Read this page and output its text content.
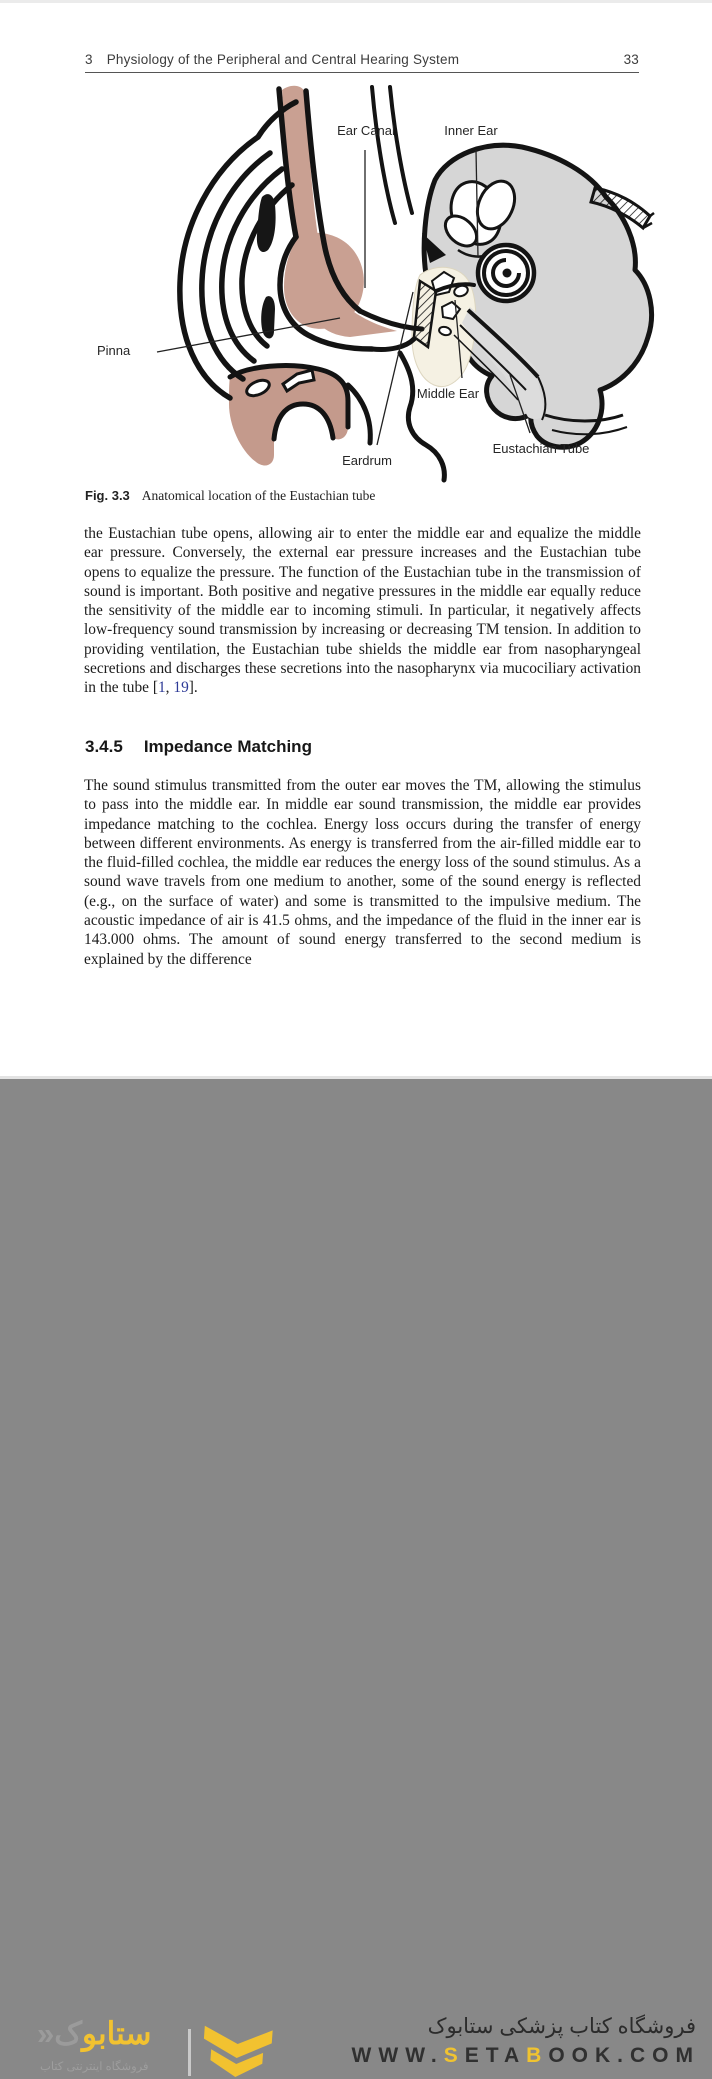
3 Physiology of the Peripheral and Central Hearing System	33
Ear Canal	Inner Ear
Pinna
Middle Ear
Eardrum
Eustachian Tube
Fig. 3.3 Anatomical location of the Eustachian tube

the Eustachian tube opens, allowing air to enter the middle ear and equalize the middle ear pressure. Conversely, the external ear pressure increases and the Eustachian tube opens to equalize the pressure. The function of the Eustachian tube in the transmission of sound is important. Both positive and negative pressures in the middle ear equally reduce the sensitivity of the middle ear to incoming stimuli. In particular, it negatively affects low-frequency sound transmission by increasing or decreasing TM tension. In addition to providing ventilation, the Eustachian tube shields the middle ear from nasopharyngeal secretions and discharges these secretions into the nasopharynx via mucociliary activation in the tube [1, 19].

3.4.5 Impedance Matching

The sound stimulus transmitted from the outer ear moves the TM, allowing the stimulus to pass into the middle ear. In middle ear sound transmission, the middle ear provides impedance matching to the cochlea. Energy loss occurs during the transfer of energy between different environments. As energy is transferred from the air-filled middle ear to the fluid-filled cochlea, the middle ear reduces the energy loss of the sound stimulus. As a sound wave travels from one medium to another, some of the sound energy is reflected (e.g., on the surface of water) and some is transmitted to the impulsive medium. The acoustic impedance of air is 41.5 ohms, and the impedance of the fluid in the inner ear is 143.000 ohms. The amount of sound energy transferred to the second medium is explained by the difference

ستابوک«
فروشگاه اینترنتی کتاب
فروشگاه کتاب پزشکی ستابوک
WWW.SETABOOK.COM
